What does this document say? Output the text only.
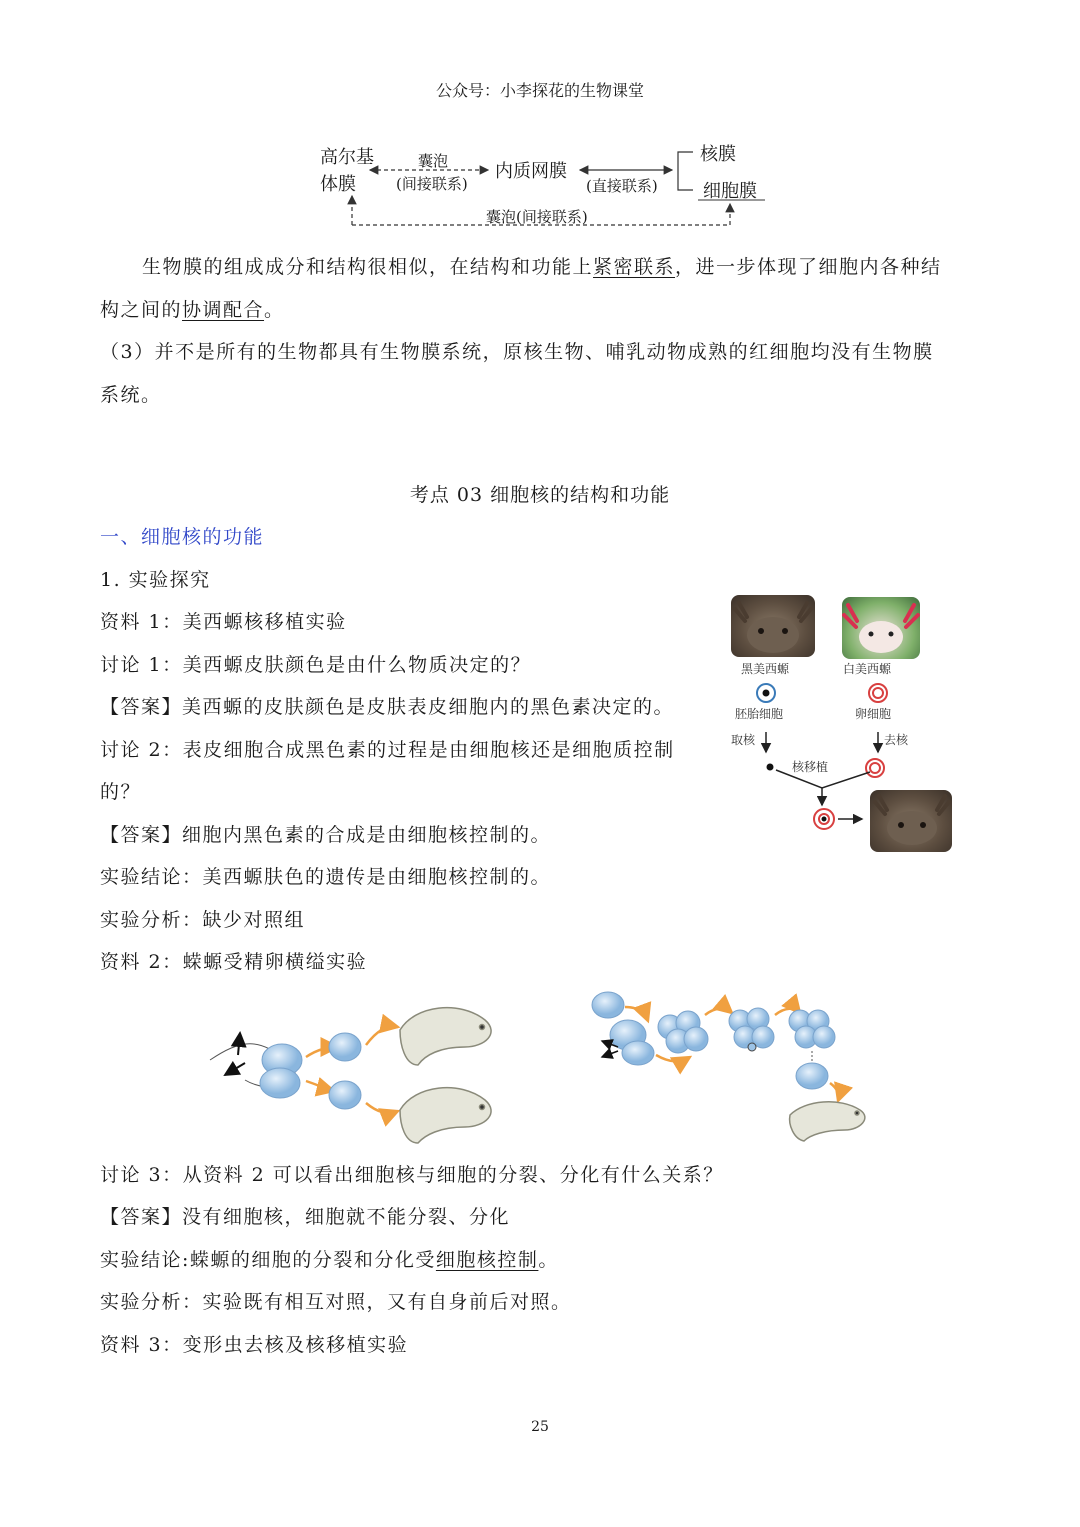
公众号：小李探花的生物课堂
高尔基
体膜
囊泡
(间接联系)
内质网膜
(直接联系)
核膜
细胞膜
囊泡(间接联系)
生物膜的组成成分和结构很相似，在结构和功能上紧密联系，进一步体现了细胞内各种结
构之间的协调配合。
（3）并不是所有的生物都具有生物膜系统，原核生物、哺乳动物成熟的红细胞均没有生物膜
系统。
考点 03 细胞核的结构和功能
一、细胞核的功能
1. 实验探究
资料 1：美西螈核移植实验
讨论 1：美西螈皮肤颜色是由什么物质决定的？
【答案】美西螈的皮肤颜色是皮肤表皮细胞内的黑色素决定的。
讨论 2：表皮细胞合成黑色素的过程是由细胞核还是细胞质控制
的？
【答案】细胞内黑色素的合成是由细胞核控制的。
实验结论：美西螈肤色的遗传是由细胞核控制的。
实验分析：缺少对照组
资料 2：蝾螈受精卵横缢实验
黑美西螈	白美西螈
胚胎细胞	卵细胞
取核	去核
核移植
讨论 3：从资料 2 可以看出细胞核与细胞的分裂、分化有什么关系？
【答案】没有细胞核，细胞就不能分裂、分化
实验结论:蝾螈的细胞的分裂和分化受细胞核控制。
实验分析：实验既有相互对照，又有自身前后对照。
资料 3：变形虫去核及核移植实验
25
